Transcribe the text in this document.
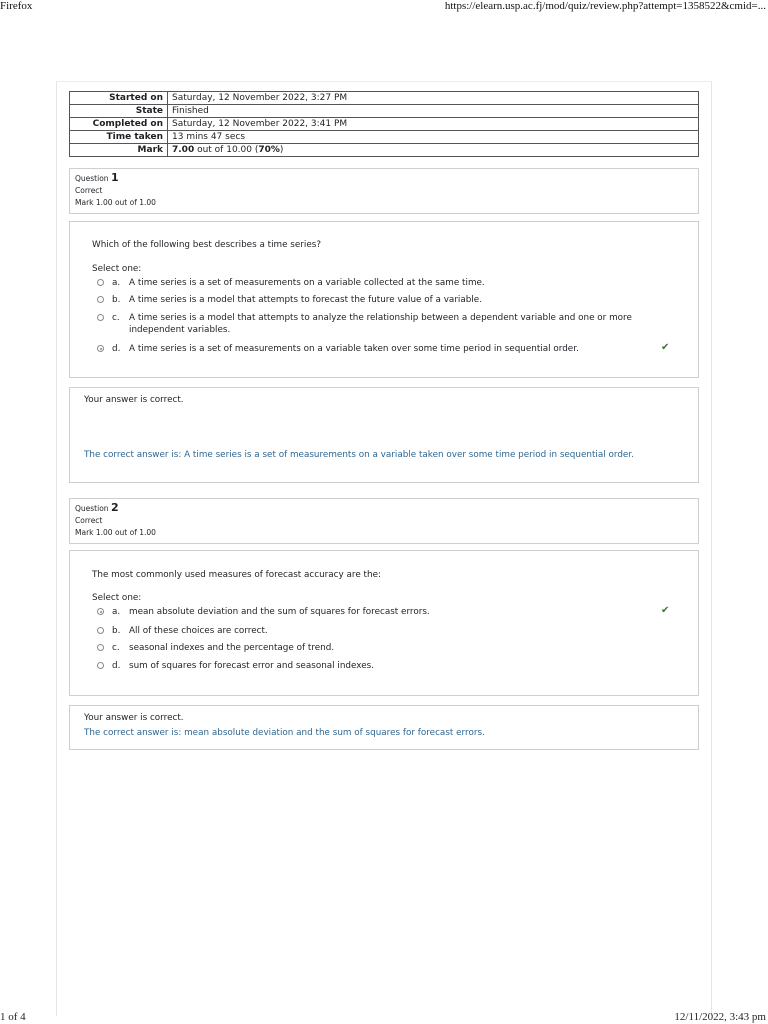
Firefox	https://elearn.usp.ac.fj/mod/quiz/review.php?attempt=1358522&cmid=...
Started on	Saturday, 12 November 2022, 3:27 PM
State	Finished
Completed on	Saturday, 12 November 2022, 3:41 PM
Time taken	13 mins 47 secs
Mark	7.00 out of 10.00 (70%)
Question 1
Correct
Mark 1.00 out of 1.00
Which of the following best describes a time series?
Select one:
a. A time series is a set of measurements on a variable collected at the same time.
b. A time series is a model that attempts to forecast the future value of a variable.
c. A time series is a model that attempts to analyze the relationship between a dependent variable and one or more independent variables.
d. A time series is a set of measurements on a variable taken over some time period in sequential order.	✔
Your answer is correct.
The correct answer is: A time series is a set of measurements on a variable taken over some time period in sequential order.
Question 2
Correct
Mark 1.00 out of 1.00
The most commonly used measures of forecast accuracy are the:
Select one:
a. mean absolute deviation and the sum of squares for forecast errors.	✔
b. All of these choices are correct.
c. seasonal indexes and the percentage of trend.
d. sum of squares for forecast error and seasonal indexes.
Your answer is correct.
The correct answer is: mean absolute deviation and the sum of squares for forecast errors.
1 of 4	12/11/2022, 3:43 pm
